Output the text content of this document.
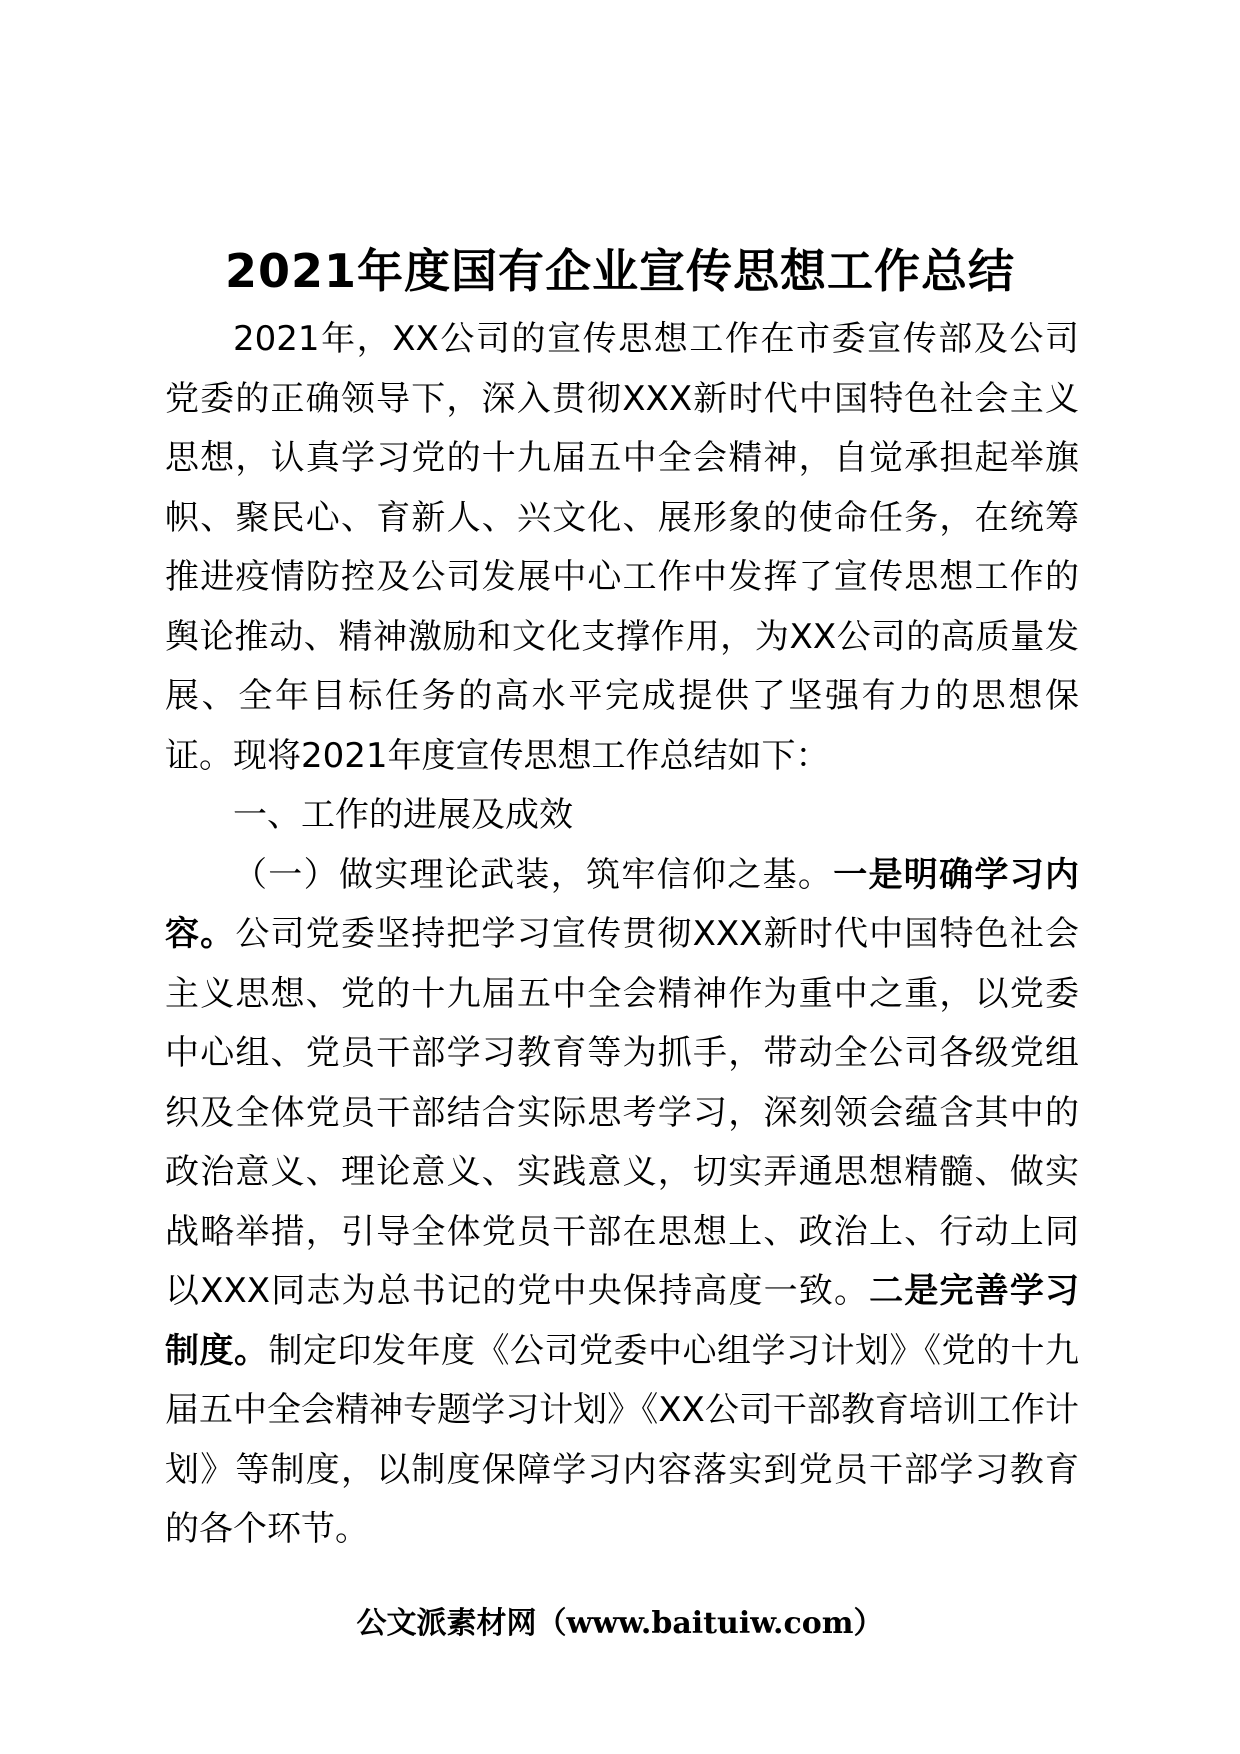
2021年度国有企业宣传思想工作总结

2021年，XX公司的宣传思想工作在市委宣传部及公司党委的正确领导下，深入贯彻XXX新时代中国特色社会主义思想，认真学习党的十九届五中全会精神，自觉承担起举旗帜、聚民心、育新人、兴文化、展形象的使命任务，在统筹推进疫情防控及公司发展中心工作中发挥了宣传思想工作的舆论推动、精神激励和文化支撑作用，为XX公司的高质量发展、全年目标任务的高水平完成提供了坚强有力的思想保证。现将2021年度宣传思想工作总结如下：

一、工作的进展及成效

（一）做实理论武装，筑牢信仰之基。一是明确学习内容。公司党委坚持把学习宣传贯彻XXX新时代中国特色社会主义思想、党的十九届五中全会精神作为重中之重，以党委中心组、党员干部学习教育等为抓手，带动全公司各级党组织及全体党员干部结合实际思考学习，深刻领会蕴含其中的政治意义、理论意义、实践意义，切实弄通思想精髓、做实战略举措，引导全体党员干部在思想上、政治上、行动上同以XXX同志为总书记的党中央保持高度一致。二是完善学习制度。制定印发年度《公司党委中心组学习计划》《党的十九届五中全会精神专题学习计划》《XX公司干部教育培训工作计划》等制度，以制度保障学习内容落实到党员干部学习教育的各个环节。

公文派素材网（www.baituiw.com）
